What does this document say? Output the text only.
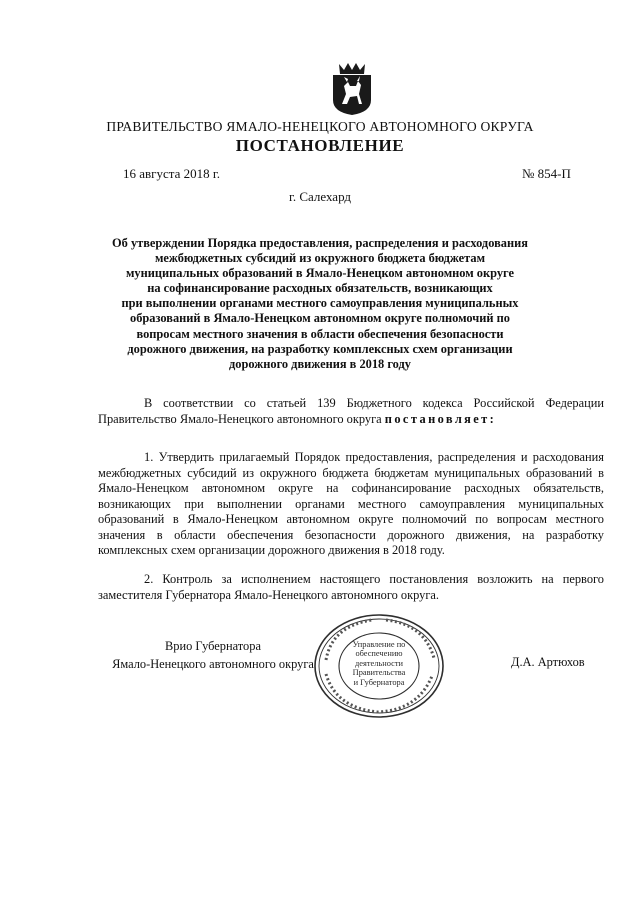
ПРАВИТЕЛЬСТВО ЯМАЛО-НЕНЕЦКОГО АВТОНОМНОГО ОКРУГА
ПОСТАНОВЛЕНИЕ
16 августа 2018 г.	№ 854-П
г. Салехард
Об утверждении Порядка предоставления, распределения и расходования
межбюджетных субсидий из окружного бюджета бюджетам
муниципальных образований в Ямало-Ненецком автономном округе
на софинансирование расходных обязательств, возникающих
при выполнении органами местного самоуправления муниципальных
образований в Ямало-Ненецком автономном округе полномочий по
вопросам местного значения в области обеспечения безопасности
дорожного движения, на разработку комплексных схем организации
дорожного движения в 2018 году
В соответствии со статьей 139 Бюджетного кодекса Российской Федерации Правительство Ямало-Ненецкого автономного округа постановляет:
1. Утвердить прилагаемый Порядок предоставления, распределения и расходования межбюджетных субсидий из окружного бюджета бюджетам муниципальных образований в Ямало-Ненецком автономном округе на софинансирование расходных обязательств, возникающих при выполнении органами местного самоуправления муниципальных образований в Ямало-Ненецком автономном округе полномочий по вопросам местного значения в области обеспечения безопасности дорожного движения, на разработку комплексных схем организации дорожного движения в 2018 году.
2. Контроль за исполнением настоящего постановления возложить на первого заместителя Губернатора Ямало-Ненецкого автономного округа.
Врио Губернатора
Ямало-Ненецкого автономного округа	Д.А. Артюхов
Управление по
обеспечению
деятельности
Правительства
и Губернатора
